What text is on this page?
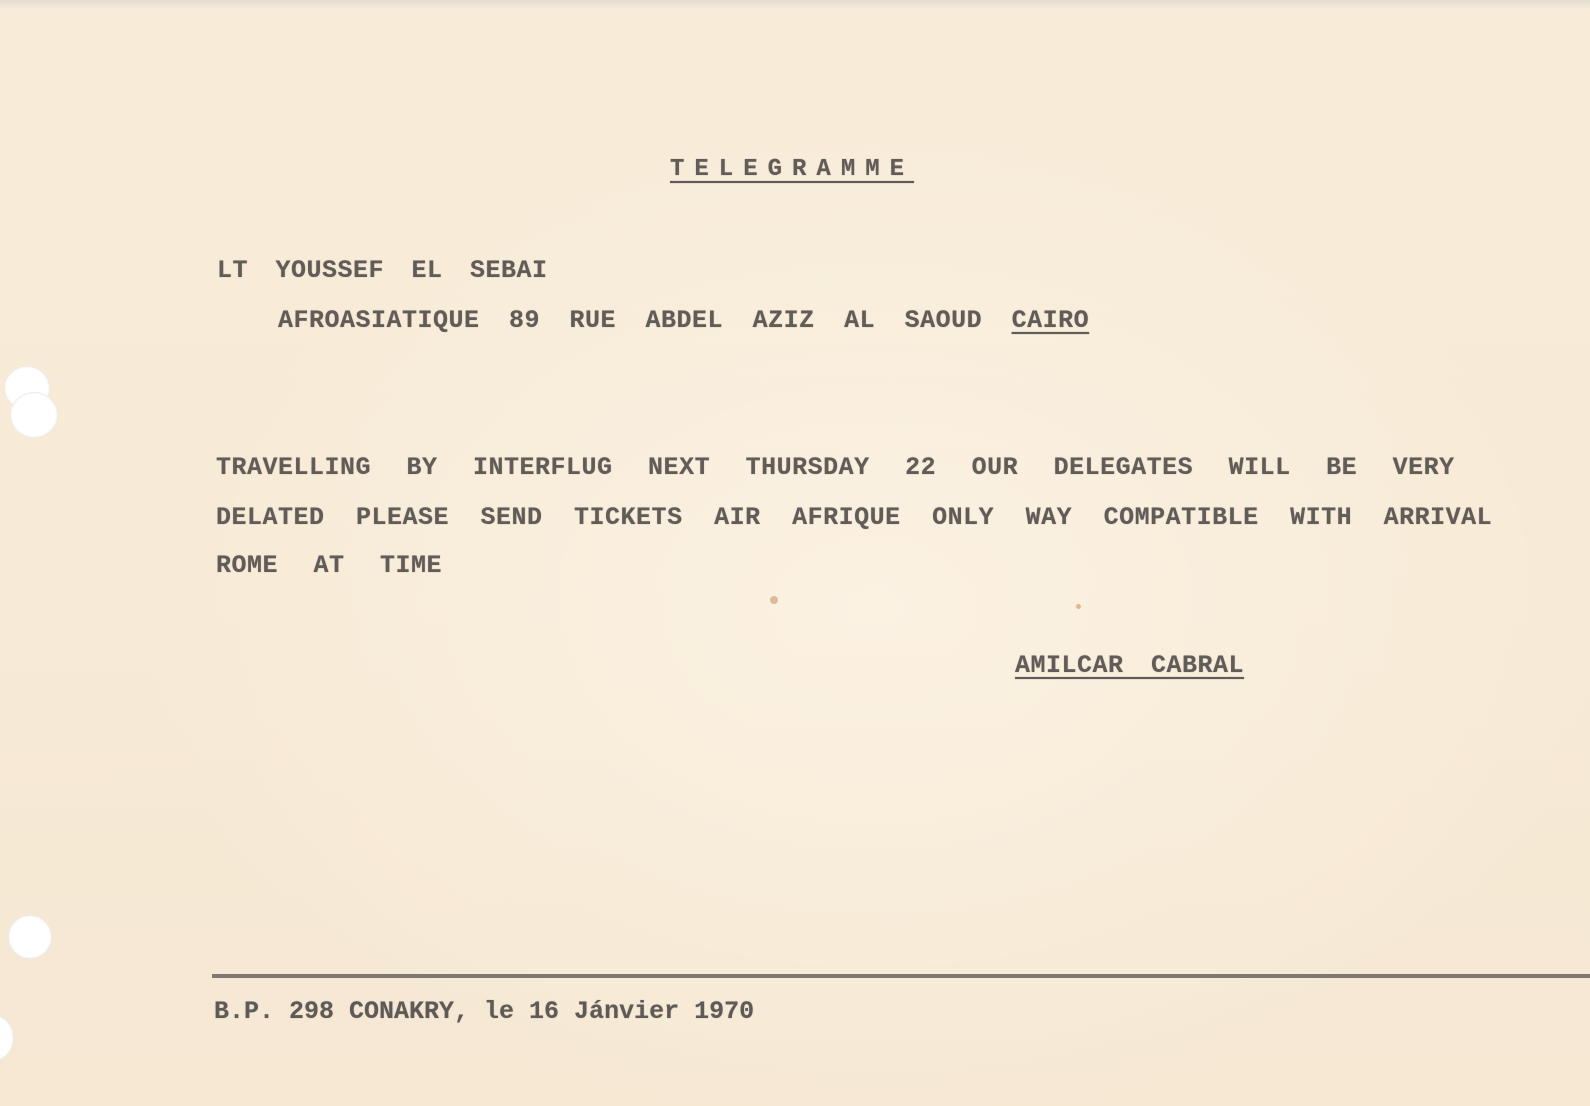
TELEGRAMME
LT YOUSSEF EL SEBAI
AFROASIATIQUE 89 RUE ABDEL AZIZ AL SAOUD CAIRO
TRAVELLING BY INTERFLUG NEXT THURSDAY 22 OUR DELEGATES WILL BE VERY
DELATED PLEASE SEND TICKETS AIR AFRIQUE ONLY WAY COMPATIBLE WITH ARRIVAL
ROME AT TIME
AMILCAR CABRAL
B.P. 298 CONAKRY, le 16 Jánvier 1970
